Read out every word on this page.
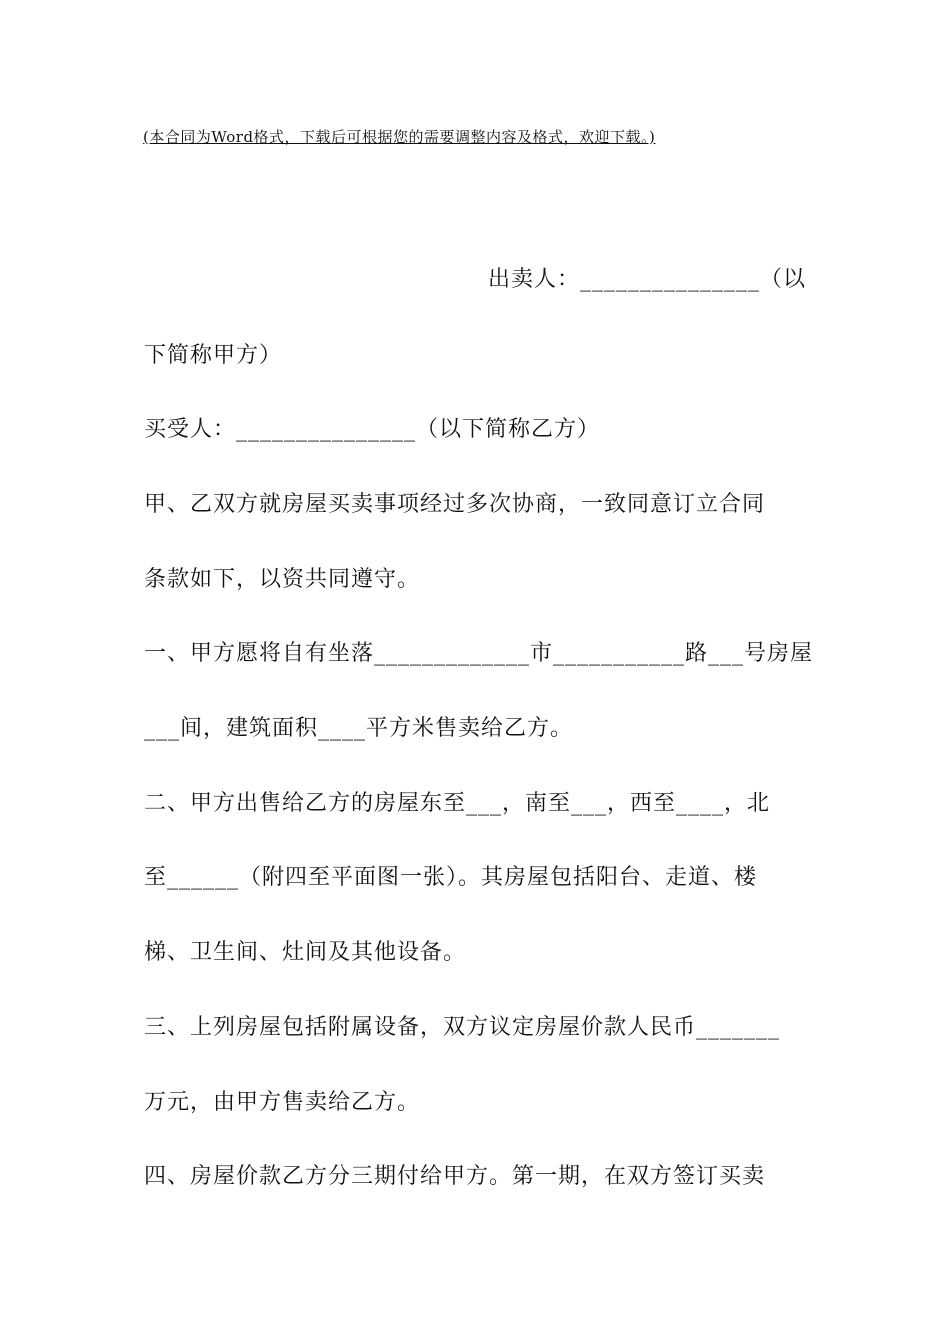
(本合同为Word格式，下载后可根据您的需要调整内容及格式，欢迎下载。)
出卖人：_______________（以
下简称甲方）
买受人：_______________（以下简称乙方）
甲、乙双方就房屋买卖事项经过多次协商，一致同意订立合同
条款如下，以资共同遵守。
一、甲方愿将自有坐落_____________市___________路___号房屋
___间，建筑面积____平方米售卖给乙方。
二、甲方出售给乙方的房屋东至___，南至___，西至____，北
至______（附四至平面图一张）。其房屋包括阳台、走道、楼
梯、卫生间、灶间及其他设备。
三、上列房屋包括附属设备，双方议定房屋价款人民币_______
万元，由甲方售卖给乙方。
四、房屋价款乙方分三期付给甲方。第一期，在双方签订买卖
